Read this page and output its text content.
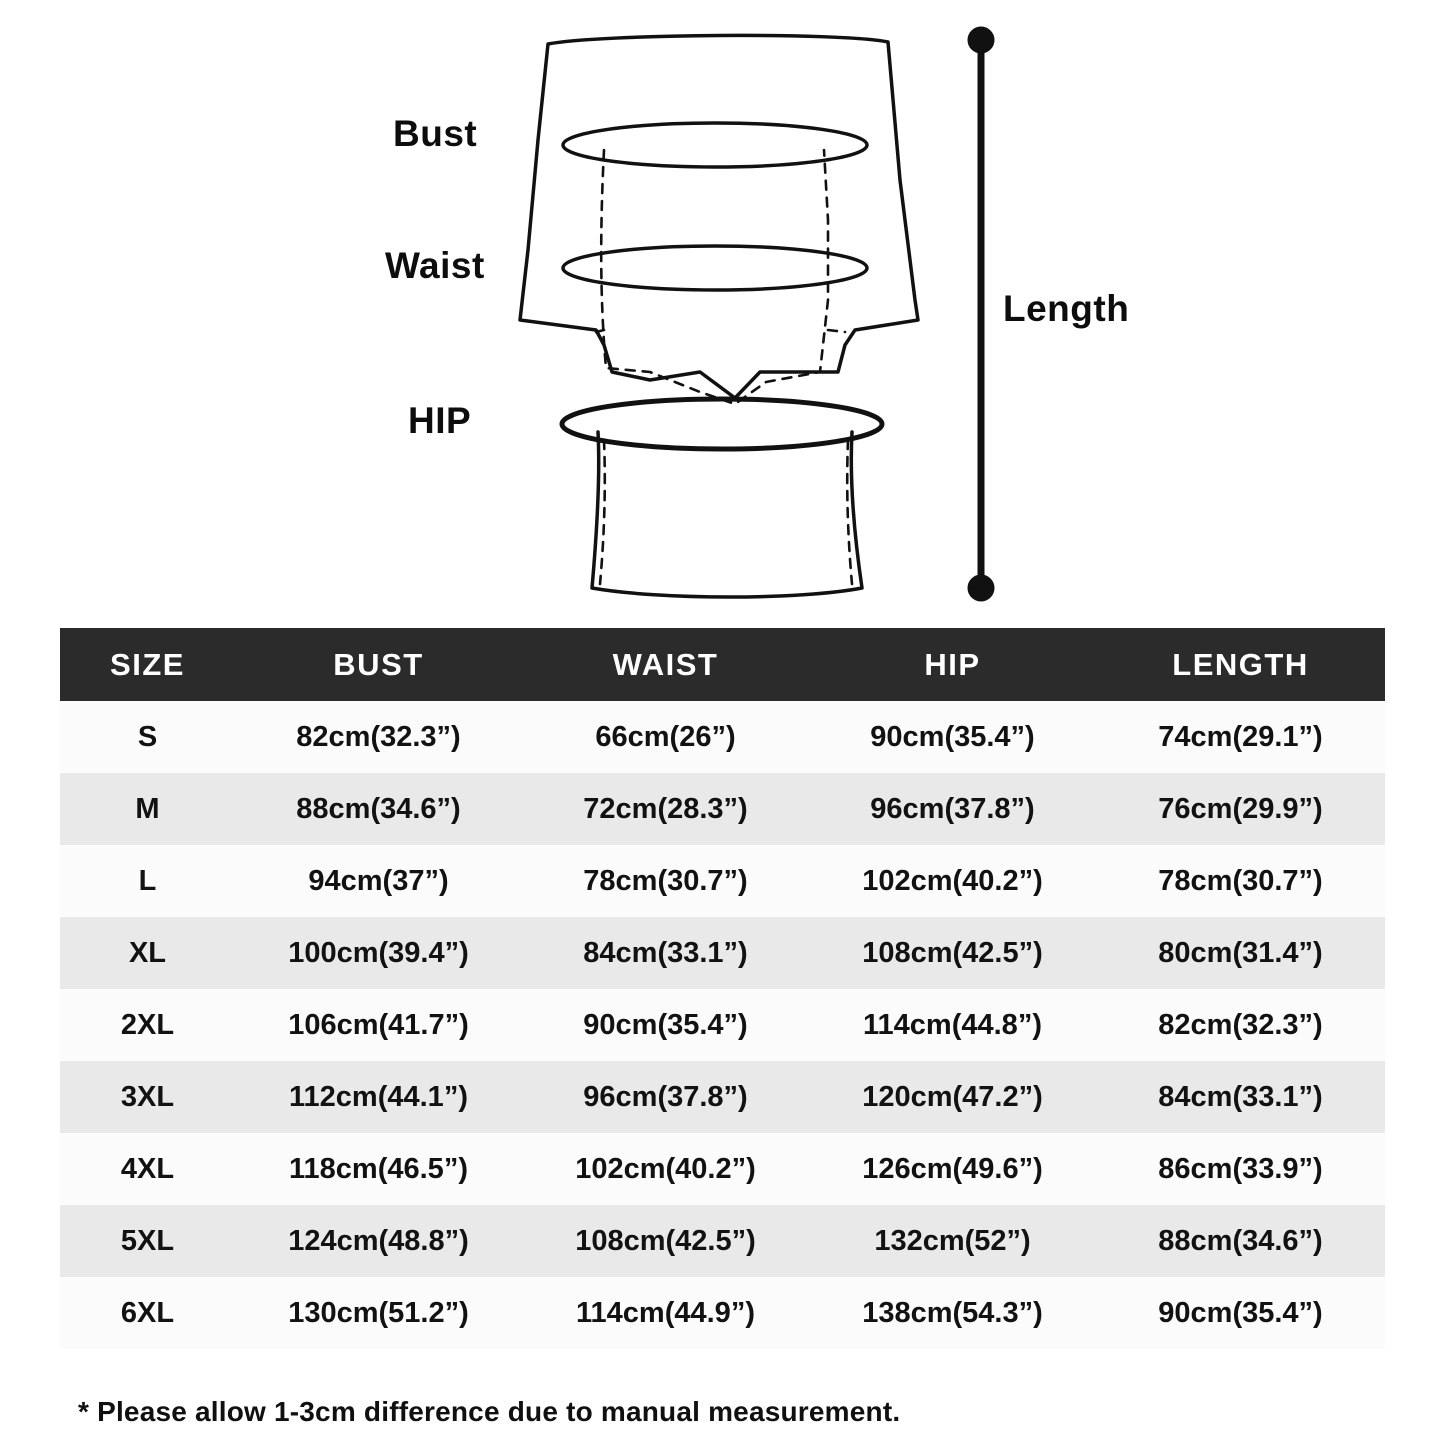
Bust
Waist
HIP
Length
SIZE	BUST	WAIST	HIP	LENGTH
S	82cm(32.3”)	66cm(26”)	90cm(35.4”)	74cm(29.1”)
M	88cm(34.6”)	72cm(28.3”)	96cm(37.8”)	76cm(29.9”)
L	94cm(37”)	78cm(30.7”)	102cm(40.2”)	78cm(30.7”)
XL	100cm(39.4”)	84cm(33.1”)	108cm(42.5”)	80cm(31.4”)
2XL	106cm(41.7”)	90cm(35.4”)	114cm(44.8”)	82cm(32.3”)
3XL	112cm(44.1”)	96cm(37.8”)	120cm(47.2”)	84cm(33.1”)
4XL	118cm(46.5”)	102cm(40.2”)	126cm(49.6”)	86cm(33.9”)
5XL	124cm(48.8”)	108cm(42.5”)	132cm(52”)	88cm(34.6”)
6XL	130cm(51.2”)	114cm(44.9”)	138cm(54.3”)	90cm(35.4”)
* Please allow 1-3cm difference due to manual measurement.
